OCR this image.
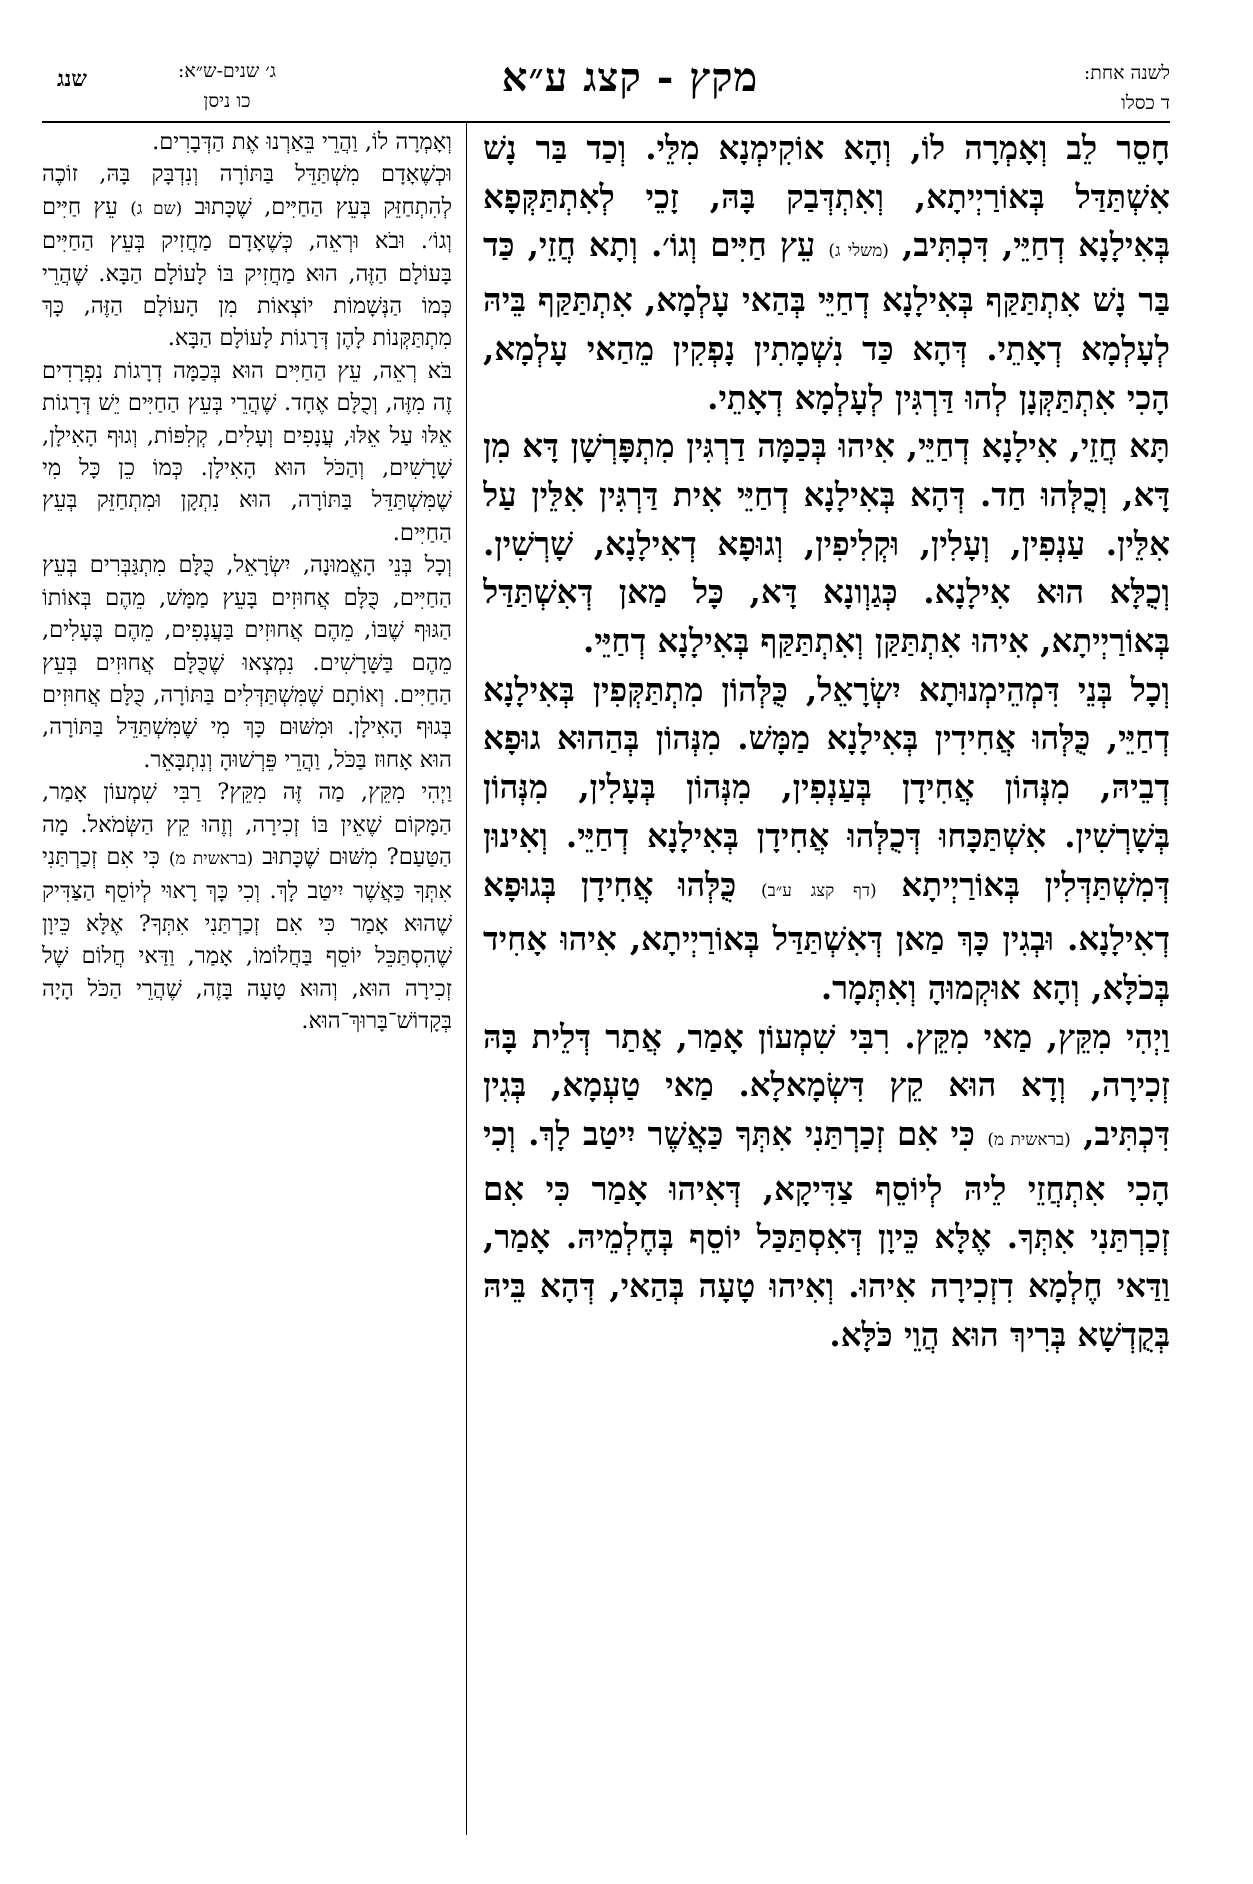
שנג	ג׳ שנים-ש״א:
כו ניסן	מקץ - קצג ע״א	לשנה אחת:
ד כסלו

חָסֵר לֵב וְאָמְרָה לוֹ, וְהָא אוֹקִימְנָא מִלֵּי. וְכַד בַּר נָשׁ אִשְׁתַּדַּל בְּאוֹרַיְיתָא, וְאִתְדְּבַק בָּהּ, זָכֵי לְאִתְתַּקְּפָא בְּאִילָנָא דְחַיֵּי, דִּכְתִּיב, (משלי ג) עֵץ חַיִּים וְגוֹ׳. וְתָא חֲזֵי, כַּד בַּר נָשׁ אִתְתַּקַּף בְּאִילָנָא דְחַיֵּי בְּהַאי עָלְמָא, אִתְתַּקַּף בֵּיהּ לְעָלְמָא דְאָתֵי. דְּהָא כַּד נִשְׁמָתִין נָפְקִין מֵהַאי עָלְמָא, הָכִי אִתְתַּקְּנָן לְהוּ דַּרְגִּין לְעָלְמָא דְאָתֵי.

תָּא חֲזֵי, אִילָנָא דְחַיֵּי, אִיהוּ בְּכַמָּה דַרְגִּין מִתְפָּרְשָׁן דָּא מִן דָּא, וְכֻלְּהוּ חַד. דְּהָא בְּאִילָנָא דְחַיֵּי אִית דַּרְגִּין אִלֵּין עַל אִלֵּין. עַנְפִין, וְעָלִין, וּקְלִיפִין, וְגוּפָא דְאִילָנָא, שָׁרְשִׁין. וְכֻלָּא הוּא אִילָנָא. כְּגַוְונָא דָּא, כָּל מַאן דְּאִשְׁתַּדַּל בְּאוֹרַיְיתָא, אִיהוּ אִתְתַּקַּן וְאִתְתַּקַּף בְּאִילָנָא דְחַיֵּי.

וְכָל בְּנֵי דִּמְהֵימְנוּתָא יִשְׂרָאֵל, כֻּלְּהוֹן מִתְתַּקְּפִין בְּאִילָנָא דְחַיֵּי, כֻּלְּהוּ אֲחִידִין בְּאִילָנָא מַמָּשׁ. מִנְּהוֹן בְּהַהוּא גוּפָא דְבֵיהּ, מִנְּהוֹן אֲחִידָן בְּעַנְפִין, מִנְּהוֹן בְּעָלִין, מִנְּהוֹן בְּשָׁרְשִׁין. אִשְׁתַּכָּחוּ דְּכֻלְּהוּ אֲחִידָן בְּאִילָנָא דְחַיֵּי. וְאִינוּן דְּמִשְׁתַּדְּלִין בְּאוֹרַיְיתָא (דף קצג ע״ב) כֻּלְּהוּ אֲחִידָן בְּגוּפָא דְאִילָנָא. וּבְגִין כָּךְ מַאן דְּאִשְׁתַּדַּל בְּאוֹרַיְיתָא, אִיהוּ אָחִיד בְּכֹלָּא, וְהָא אוּקְמוּהָ וְאִתְּמָר.

וַיְהִי מִקֵּץ, מַאי מִקֵּץ. רִבִּי שִׁמְעוֹן אָמַר, אֲתַר דְּלֵית בָּהּ זְכִירָה, וְדָא הוּא קֵץ דִּשְׂמָאלָא. מַאי טַעְמָא, בְּגִין דִּכְתִּיב, (בראשית מ) כִּי אִם זְכַרְתַּנִי אִתְּךָ כַּאֲשֶׁר יִיטַב לָךְ. וְכִי הָכִי אִתְחֲזֵי לֵיהּ לְיוֹסֵף צַדִּיקָא, דְּאִיהוּ אָמַר כִּי אִם זְכַרְתַּנִי אִתְּךָ. אֶלָּא כֵּיוָן דְּאִסְתַּכַּל יוֹסֵף בְּחֶלְמֵיהּ. אָמַר, וַדַּאי חֶלְמָא דִזְכִירָה אִיהוּ. וְאִיהוּ טָעָה בְּהַאי, דְּהָא בֵּיהּ בְּקֻדְשָׁא בְּרִיךְ הוּא הֲוֵי כֹּלָּא.

וְאָמְרָה לוֹ, וַהֲרֵי בֵּאַרְנוּ אֶת הַדְּבָרִים.

וּכְשֶׁאָדָם מִשְׁתַּדֵּל בַּתּוֹרָה וְנִדְבָּק בָּהּ, זוֹכֶה לְהִתְחַזֵּק בְּעֵץ הַחַיִּים, שֶׁכָּתוּב (שם ג) עֵץ חַיִּים וְגוֹ׳. וּבֹא וּרְאֵה, כְּשֶׁאָדָם מַחֲזִיק בְּעֵץ הַחַיִּים בָּעוֹלָם הַזֶּה, הוּא מַחֲזִיק בּוֹ לָעוֹלָם הַבָּא. שֶׁהֲרֵי כְּמוֹ הַנְּשָׁמוֹת יוֹצְאוֹת מִן הָעוֹלָם הַזֶּה, כָּךְ מִתְתַּקְּנוֹת לָהֶן דְּרָגוֹת לָעוֹלָם הַבָּא.

בֹּא רְאֵה, עֵץ הַחַיִּים הוּא בְּכַמָּה דְרָגוֹת נִפְרָדִים זֶה מִזֶּה, וְכֻלָּם אֶחָד. שֶׁהֲרֵי בְּעֵץ הַחַיִּים יֵשׁ דְּרָגוֹת אֵלּוּ עַל אֵלּוּ, עֲנָפִים וְעָלִים, קְלִפּוֹת, וְגוּף הָאִילָן, שָׁרָשִׁים, וְהַכֹּל הוּא הָאִילָן. כְּמוֹ כֵן כָּל מִי שֶׁמִּשְׁתַּדֵּל בַּתּוֹרָה, הוּא נִתְקָן וּמִתְחַזֵּק בְּעֵץ הַחַיִּים.

וְכָל בְּנֵי הָאֱמוּנָה, יִשְׂרָאֵל, כֻּלָּם מִתְגַּבְּרִים בְּעֵץ הַחַיִּים, כֻּלָּם אֲחוּזִים בָּעֵץ מַמָּשׁ, מֵהֶם בְּאוֹתוֹ הַגּוּף שֶׁבּוֹ, מֵהֶם אֲחוּזִים בַּעֲנָפִים, מֵהֶם בֶּעָלִים, מֵהֶם בַּשָּׁרָשִׁים. נִמְצְאוּ שֶׁכֻּלָּם אֲחוּזִים בְּעֵץ הַחַיִּים. וְאוֹתָם שֶׁמִּשְׁתַּדְּלִים בַּתּוֹרָה, כֻּלָּם אֲחוּזִים בְּגוּף הָאִילָן. וּמִשּׁוּם כָּךְ מִי שֶׁמִּשְׁתַּדֵּל בַּתּוֹרָה, הוּא אָחוּז בַּכֹּל, וַהֲרֵי פֵּרְשׁוּהָ וְנִתְבָּאֵר.

וַיְהִי מִקֵּץ, מַה זֶּה מִקֵּץ? רַבִּי שִׁמְעוֹן אָמַר, הַמָּקוֹם שֶׁאֵין בּוֹ זְכִירָה, וְזֶהוּ קֵץ הַשְּׂמֹאל. מָה הַטַּעַם? מִשּׁוּם שֶׁכָּתוּב (בראשית מ) כִּי אִם זְכַרְתַּנִי אִתְּךָ כַּאֲשֶׁר יִיטַב לָךְ. וְכִי כָּךְ רָאוּי לְיוֹסֵף הַצַּדִּיק שֶׁהוּא אָמַר כִּי אִם זְכַרְתַּנִי אִתְּךָ? אֶלָּא כֵּיוָן שֶׁהִסְתַּכֵּל יוֹסֵף בַּחֲלוֹמוֹ, אָמַר, וַדַּאי חֲלוֹם שֶׁל זְכִירָה הוּא, וְהוּא טָעָה בָּזֶה, שֶׁהֲרֵי הַכֹּל הָיָה בְּקָדוֹשׁ־בָּרוּךְ־הוּא.
